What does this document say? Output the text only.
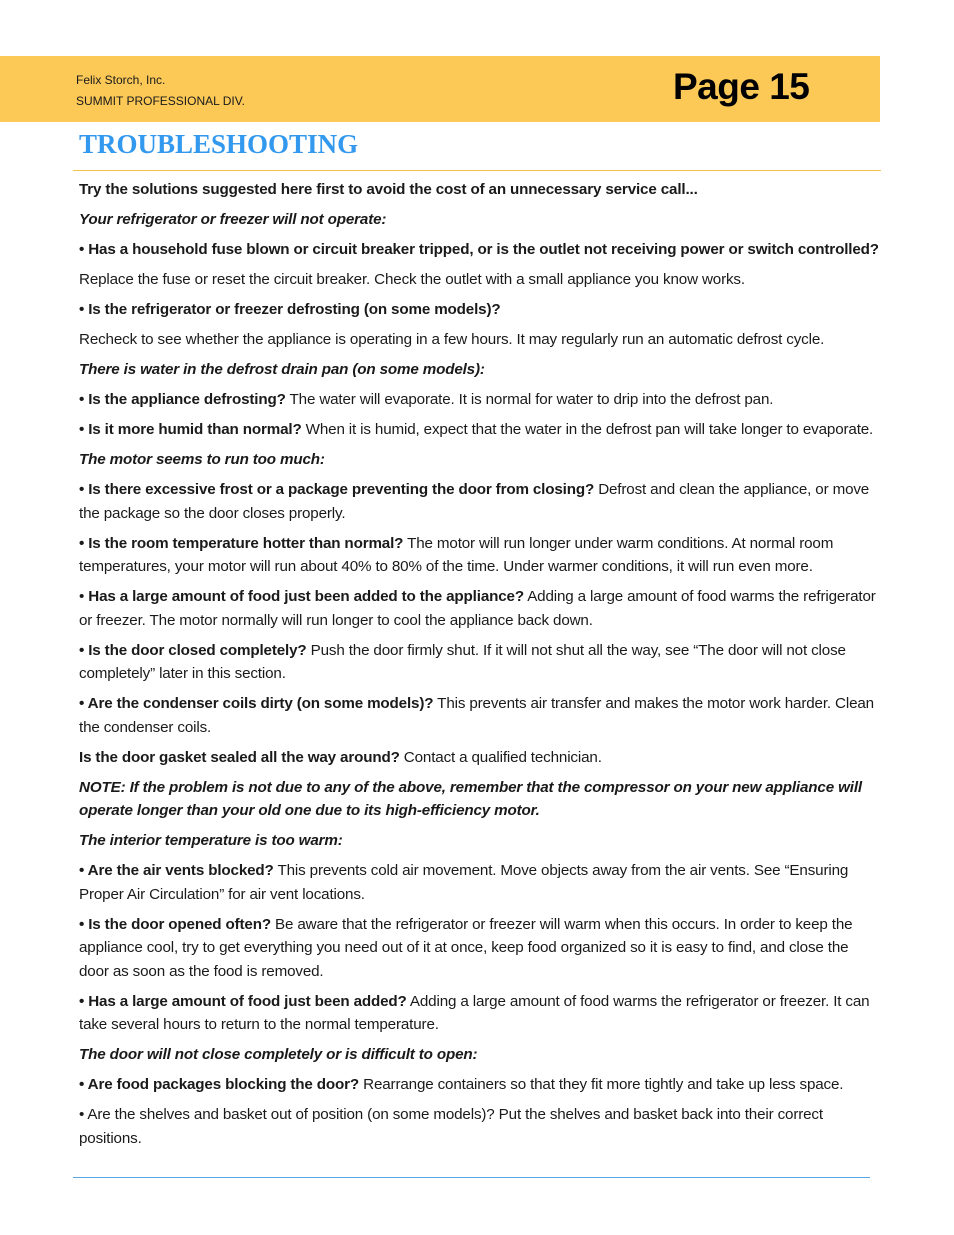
Felix Storch, Inc.
SUMMIT PROFESSIONAL DIV.	Page 15
TROUBLESHOOTING

Try the solutions suggested here first to avoid the cost of an unnecessary service call...

Your refrigerator or freezer will not operate:

• Has a household fuse blown or circuit breaker tripped, or is the outlet not receiving power or switch controlled?

Replace the fuse or reset the circuit breaker. Check the outlet with a small appliance you know works.

• Is the refrigerator or freezer defrosting (on some models)?

Recheck to see whether the appliance is operating in a few hours. It may regularly run an automatic defrost cycle.

There is water in the defrost drain pan (on some models):

• Is the appliance defrosting? The water will evaporate. It is normal for water to drip into the defrost pan.

• Is it more humid than normal? When it is humid, expect that the water in the defrost pan will take longer to evaporate.

The motor seems to run too much:

• Is there excessive frost or a package preventing the door from closing? Defrost and clean the appliance, or move the package so the door closes properly.

• Is the room temperature hotter than normal? The motor will run longer under warm conditions. At normal room temperatures, your motor will run about 40% to 80% of the time. Under warmer conditions, it will run even more.

• Has a large amount of food just been added to the appliance? Adding a large amount of food warms the refrigerator or freezer. The motor normally will run longer to cool the appliance back down.

• Is the door closed completely? Push the door firmly shut. If it will not shut all the way, see “The door will not close completely” later in this section.

• Are the condenser coils dirty (on some models)? This prevents air transfer and makes the motor work harder. Clean the condenser coils.

Is the door gasket sealed all the way around? Contact a qualified technician.

NOTE: If the problem is not due to any of the above, remember that the compressor on your new appliance will operate longer than your old one due to its high-efficiency motor.

The interior temperature is too warm:

• Are the air vents blocked? This prevents cold air movement. Move objects away from the air vents. See “Ensuring Proper Air Circulation” for air vent locations.

• Is the door opened often? Be aware that the refrigerator or freezer will warm when this occurs. In order to keep the appliance cool, try to get everything you need out of it at once, keep food organized so it is easy to find, and close the door as soon as the food is removed.

• Has a large amount of food just been added? Adding a large amount of food warms the refrigerator or freezer. It can take several hours to return to the normal temperature.

The door will not close completely or is difficult to open:

• Are food packages blocking the door? Rearrange containers so that they fit more tightly and take up less space.

• Are the shelves and basket out of position (on some models)? Put the shelves and basket back into their correct positions.
